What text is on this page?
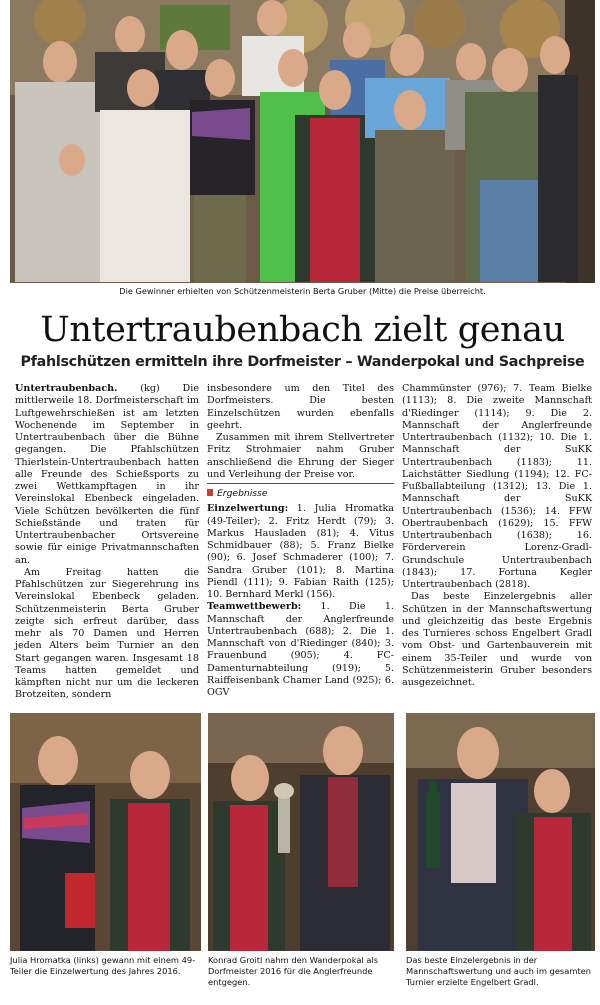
Die Gewinner erhielten von Schützenmeisterin Berta Gruber (Mitte) die Preise überreicht.
Untertraubenbach zielt genau
Pfahlschützen ermitteln ihre Dorfmeister – Wanderpokal und Sachpreise

Untertraubenbach. (kg) Die mittlerweile 18. Dorfmeisterschaft im Luftgewehrschießen ist am letzten Wochenende im September in Untertraubenbach über die Bühne gegangen. Die Pfahlschützen Thierlstein-Untertraubenbach hatten alle Freunde des Schießsports zu zwei Wettkampftagen in ihr Vereinslokal Ebenbeck eingeladen. Viele Schützen bevölkerten die fünf Schießstände und traten für Untertraubenbacher Ortsvereine sowie für einige Privatmannschaften an.

Am Freitag hatten die Pfahlschützen zur Siegerehrung ins Vereinslokal Ebenbeck geladen. Schützenmeisterin Berta Gruber zeigte sich erfreut darüber, dass mehr als 70 Damen und Herren jeden Alters beim Turnier an den Start gegangen waren. Insgesamt 18 Teams hatten gemeldet und kämpften nicht nur um die leckeren Brotzeiten, sondern

insbesondere um den Titel des Dorfmeisters. Die besten Einzelschützen wurden ebenfalls geehrt.

Zusammen mit ihrem Stellvertreter Fritz Strohmaier nahm Gruber anschließend die Ehrung der Sieger und Verleihung der Preise vor.

Ergebnisse

Einzelwertung: 1. Julia Hromatka (49-Teiler); 2. Fritz Herdt (79); 3. Markus Hausladen (81); 4. Vitus Schmidbauer (88); 5. Franz Bielke (90); 6. Josef Schmaderer (100); 7. Sandra Gruber (101); 8. Martina Piendl (111); 9. Fabian Raith (125); 10. Bernhard Merkl (156).

Teamwettbewerb: 1. Die 1. Mannschaft der Anglerfreunde Untertraubenbach (688); 2. Die 1. Mannschaft von d'Riedinger (840); 3. Frauenbund (905); 4. FC-Damenturnabteilung (919); 5. Raiffeisenbank Chamer Land (925); 6. OGV

Chammünster (976); 7. Team Bielke (1113); 8. Die zweite Mannschaft d'Riedinger (1114); 9. Die 2. Mannschaft der Anglerfreunde Untertraubenbach (1132); 10. Die 1. Mannschaft der SuKK Untertraubenbach (1183); 11. Laichstätter Siedlung (1194); 12. FC-Fußballabteilung (1312); 13. Die 1. Mannschaft der SuKK Untertraubenbach (1536); 14. FFW Obertraubenbach (1629); 15. FFW Untertraubenbach (1638); 16. Förderverein Lorenz-Gradl-Grundschule Untertraubenbach (1843); 17. Fortuna Kegler Untertraubenbach (2818).

Das beste Einzelergebnis aller Schützen in der Mannschaftswertung und gleichzeitig das beste Ergebnis des Turnieres schoss Engelbert Gradl vom Obst- und Gartenbauverein mit einem 35-Teiler und wurde von Schützenmeisterin Gruber besonders ausgezeichnet.

Julia Hromatka (links) gewann mit einem 49-Teiler die Einzelwertung des Jahres 2016.
Konrad Groitl nahm den Wanderpokal als Dorfmeister 2016 für die Anglerfreunde entgegen.
Das beste Einzelergebnis in der Mannschaftswertung und auch im gesamten Turnier erzielte Engelbert Gradl.
